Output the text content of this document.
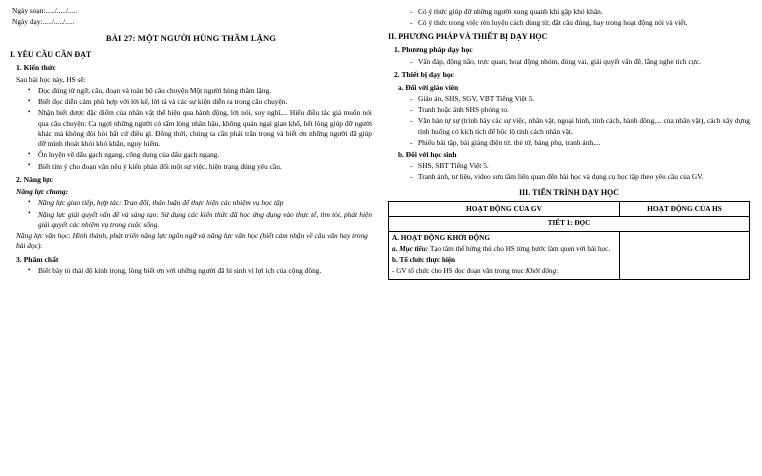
Ngày soạn:...../...../.....
Ngày dạy:...../...../.....
BÀI 27: MỘT NGƯỜI HÙNG THẦM LẶNG
I. YÊU CẦU CẦN ĐẠT
1. Kiến thức
Sau bài học này, HS sẽ:
• Đọc đúng từ ngữ, câu, đoạn và toàn bộ câu chuyện Một người hùng thầm lặng.
• Biết đọc diễn cảm phù hợp với lời kể, lời tả và các sự kiện diễn ra trong câu chuyện.
• Nhận biết được đặc điểm của nhân vật thể hiện qua hành động, lời nói, suy nghĩ,... Hiểu điều tác giả muốn nói qua câu chuyện: Ca ngợi những người có tấm lòng nhân hậu, không quản ngại gian khổ, hết lòng giúp đỡ người khác mà không đòi hỏi bất cứ điều gì. Đồng thời, chúng ta cần phải trân trọng và biết ơn những người đã giúp đỡ mình thoát khỏi khó khăn, nguy hiểm.
• Ôn luyện về dấu gạch ngang, công dụng của dấu gạch ngang.
• Biết tìm ý cho đoạn văn nêu ý kiến phản đối một sự việc, hiện trạng đúng yêu cầu.
2. Năng lực
Năng lực chung:
• Năng lực giao tiếp, hợp tác: Trao đổi, thảo luận để thực hiện các nhiệm vụ học tập
• Năng lực giải quyết vấn đề và sáng tạo: Sử dụng các kiến thức đã học ứng dụng vào thực tế, tìm tòi, phát hiện giải quyết các nhiệm vụ trong cuộc sống.
Năng lực văn học: Hình thành, phát triển năng lực ngôn ngữ và năng lực văn học (biết cảm nhận về câu văn hay trong bài đọc).
3. Phẩm chất
• Biết bày tỏ thái độ kính trọng, lòng biết ơn với những người đã hi sinh vì lợi ích của cộng đồng.
- Có ý thức giúp đỡ những người xung quanh khi gặp khó khăn.
- Có ý thức trong việc rèn luyện cách dùng từ, đặt câu đúng, hay trong hoạt động nói và viết.
II. PHƯƠNG PHÁP VÀ THIẾT BỊ DẠY HỌC
1. Phương pháp dạy học
- Vấn đáp, động não, trực quan, hoạt động nhóm, đóng vai, giải quyết vấn đề, lắng nghe tích cực.
2. Thiết bị dạy học
a. Đối với giáo viên
- Giáo án, SHS, SGV, VBT Tiếng Việt 5.
- Tranh hoặc ảnh SHS phóng to.
- Văn bản tự sự (trình bày các sự việc, nhân vật, ngoại hình, tính cách, hành động,... của nhân vật), cách xây dựng tình huống có kích tích để bộc lộ tính cách nhân vật.
- Phiếu bài tập, bài giảng điện tử, thẻ từ, bảng phụ, tranh ảnh,...
b. Đối với học sinh
- SHS, SBT Tiếng Việt 5.
- Tranh ảnh, tư liệu, video sưu tầm liên quan đến bài học và dụng cụ học tập theo yêu cầu của GV.
III. TIẾN TRÌNH DẠY HỌC
HOẠT ĐỘNG CỦA GV	HOẠT ĐỘNG CỦA HS
TIẾT 1: ĐỌC	

A. HOẠT ĐỘNG KHỞI ĐỘNG
a. Mục tiêu: Tạo tâm thế hứng thú cho HS từng bước làm quen với bài học.
b. Tổ chức thực hiện
- GV tổ chức cho HS đọc đoạn văn trong mục Khởi động:	
